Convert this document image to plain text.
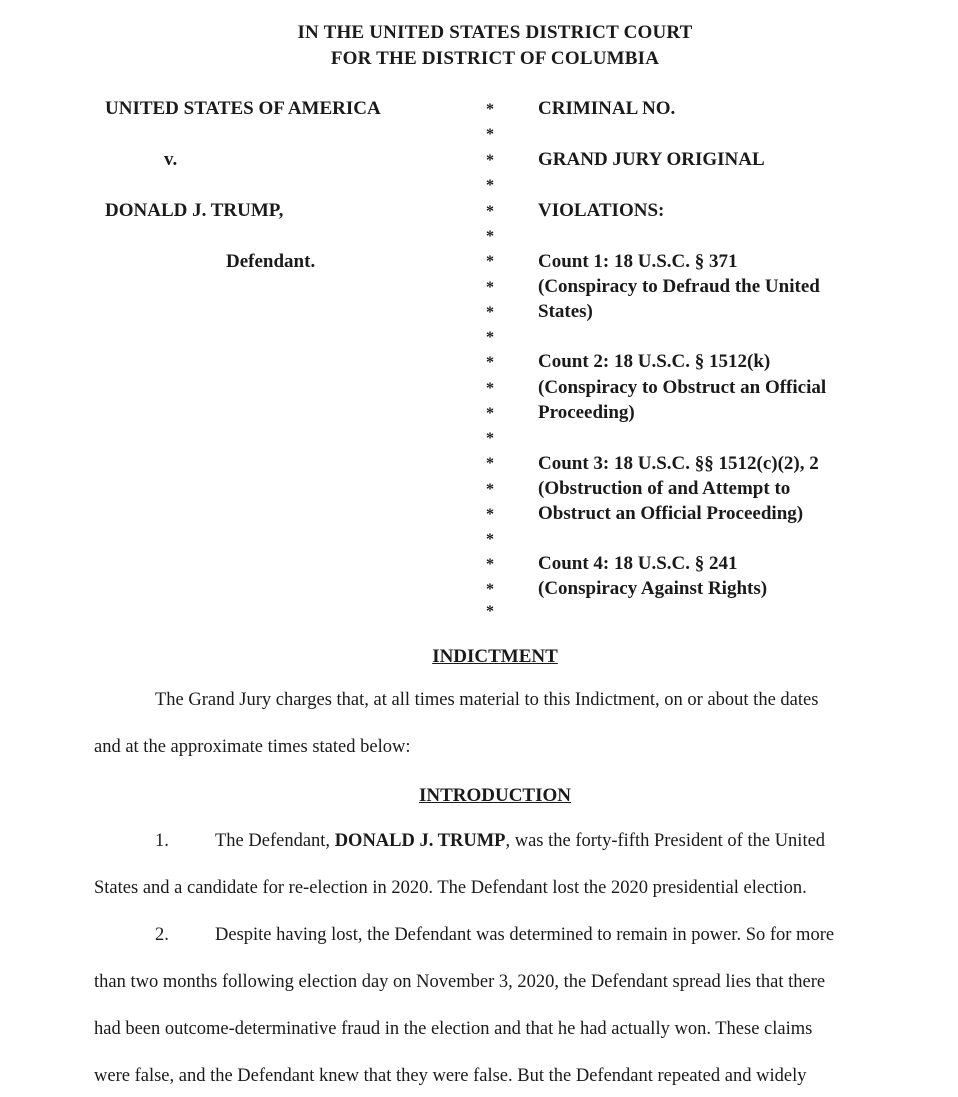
IN THE UNITED STATES DISTRICT COURT
FOR THE DISTRICT OF COLUMBIA
UNITED STATES OF AMERICA
v.
DONALD J. TRUMP,
Defendant.
*
*
*
*
*
*
*
*
*
*
*
*
*
*
*
*
*
*
*
*
*
CRIMINAL NO.
GRAND JURY ORIGINAL
VIOLATIONS:
Count 1: 18 U.S.C. § 371
(Conspiracy to Defraud the United
States)
Count 2: 18 U.S.C. § 1512(k)
(Conspiracy to Obstruct an Official
Proceeding)
Count 3: 18 U.S.C. §§ 1512(c)(2), 2
(Obstruction of and Attempt to
Obstruct an Official Proceeding)
Count 4: 18 U.S.C. § 241
(Conspiracy Against Rights)
INDICTMENT
The Grand Jury charges that, at all times material to this Indictment, on or about the dates
and at the approximate times stated below:
INTRODUCTION
1. The Defendant, DONALD J. TRUMP, was the forty-fifth President of the United
States and a candidate for re-election in 2020. The Defendant lost the 2020 presidential election.
2. Despite having lost, the Defendant was determined to remain in power. So for more
than two months following election day on November 3, 2020, the Defendant spread lies that there
had been outcome-determinative fraud in the election and that he had actually won. These claims
were false, and the Defendant knew that they were false. But the Defendant repeated and widely
